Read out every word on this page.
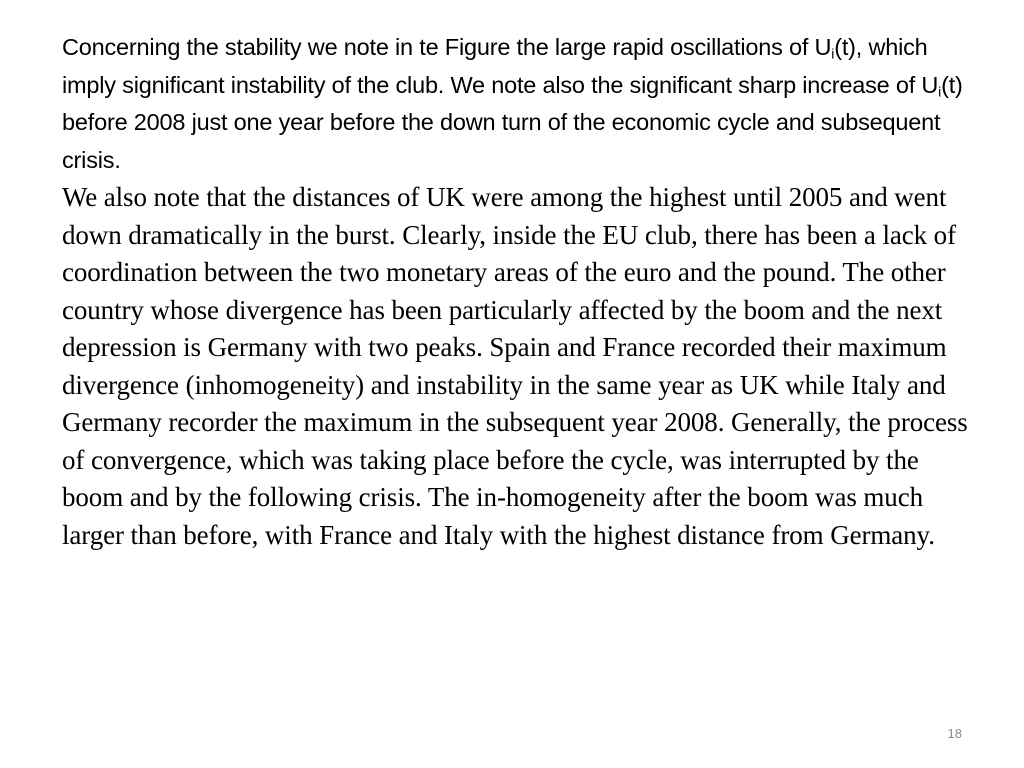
Concerning the stability we note in te Figure the large rapid oscillations of $U_i(t)$, which imply significant instability of the club. We note also the significant sharp increase of $U_i(t)$ before 2008 just one year before the down turn of the economic cycle and subsequent crisis.

We also note that the distances of UK were among the highest until 2005 and went down dramatically in the burst. Clearly, inside the EU club, there has been a lack of coordination between the two monetary areas of the euro and the pound. The other country whose divergence has been particularly affected by the boom and the next depression is Germany with two peaks. Spain and France recorded their maximum divergence (inhomogeneity) and instability in the same year as UK while Italy and Germany recorder the maximum in the subsequent year 2008. Generally, the process of convergence, which was taking place before the cycle, was interrupted by the boom and by the following crisis. The in-homogeneity after the boom was much larger than before, with France and Italy with the highest distance from Germany.

18
